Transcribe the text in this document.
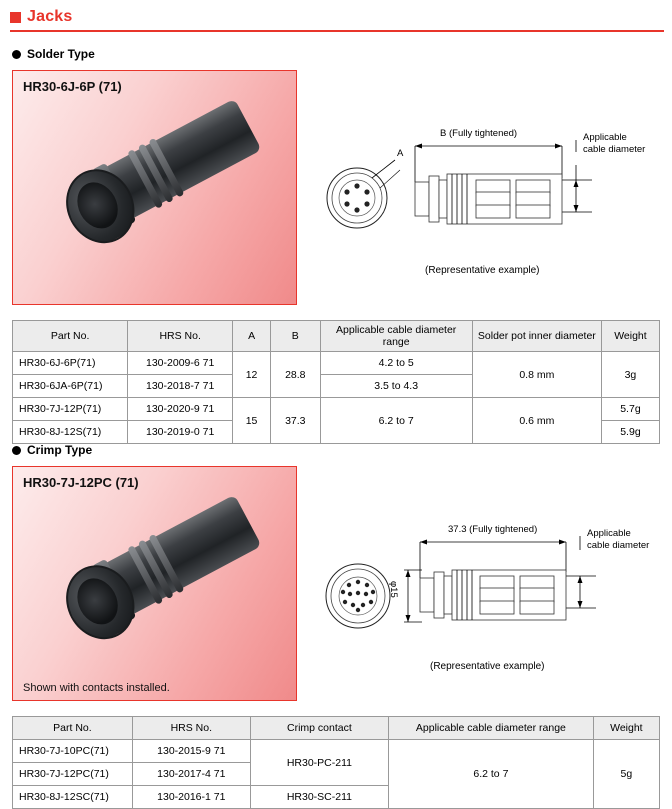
Jacks
Solder Type
HR30-6J-6P (71)
B (Fully tightened)	Applicable
cable diameter
A
(Representative example)
Part No.	HRS No.	A	B	Applicable cable diameter range	Solder pot inner diameter	Weight
HR30-6J-6P(71)	130-2009-6 71	12	28.8	4.2 to 5	0.8 mm	3g
HR30-6JA-6P(71)	130-2018-7 71			3.5 to 4.3		
HR30-7J-12P(71)	130-2020-9 71	15	37.3	6.2 to 7	0.6 mm	5.7g
HR30-8J-12S(71)	130-2019-0 71					5.9g
Crimp Type
HR30-7J-12PC (71)
Shown with contacts installed.
37.3 (Fully tightened)	Applicable
cable diameter
φ15
(Representative example)
Part No.	HRS No.	Crimp contact	Applicable cable diameter range	Weight
HR30-7J-10PC(71)	130-2015-9 71	HR30-PC-211	6.2 to 7	5g
HR30-7J-12PC(71)	130-2017-4 71			
HR30-8J-12SC(71)	130-2016-1 71	HR30-SC-211		
